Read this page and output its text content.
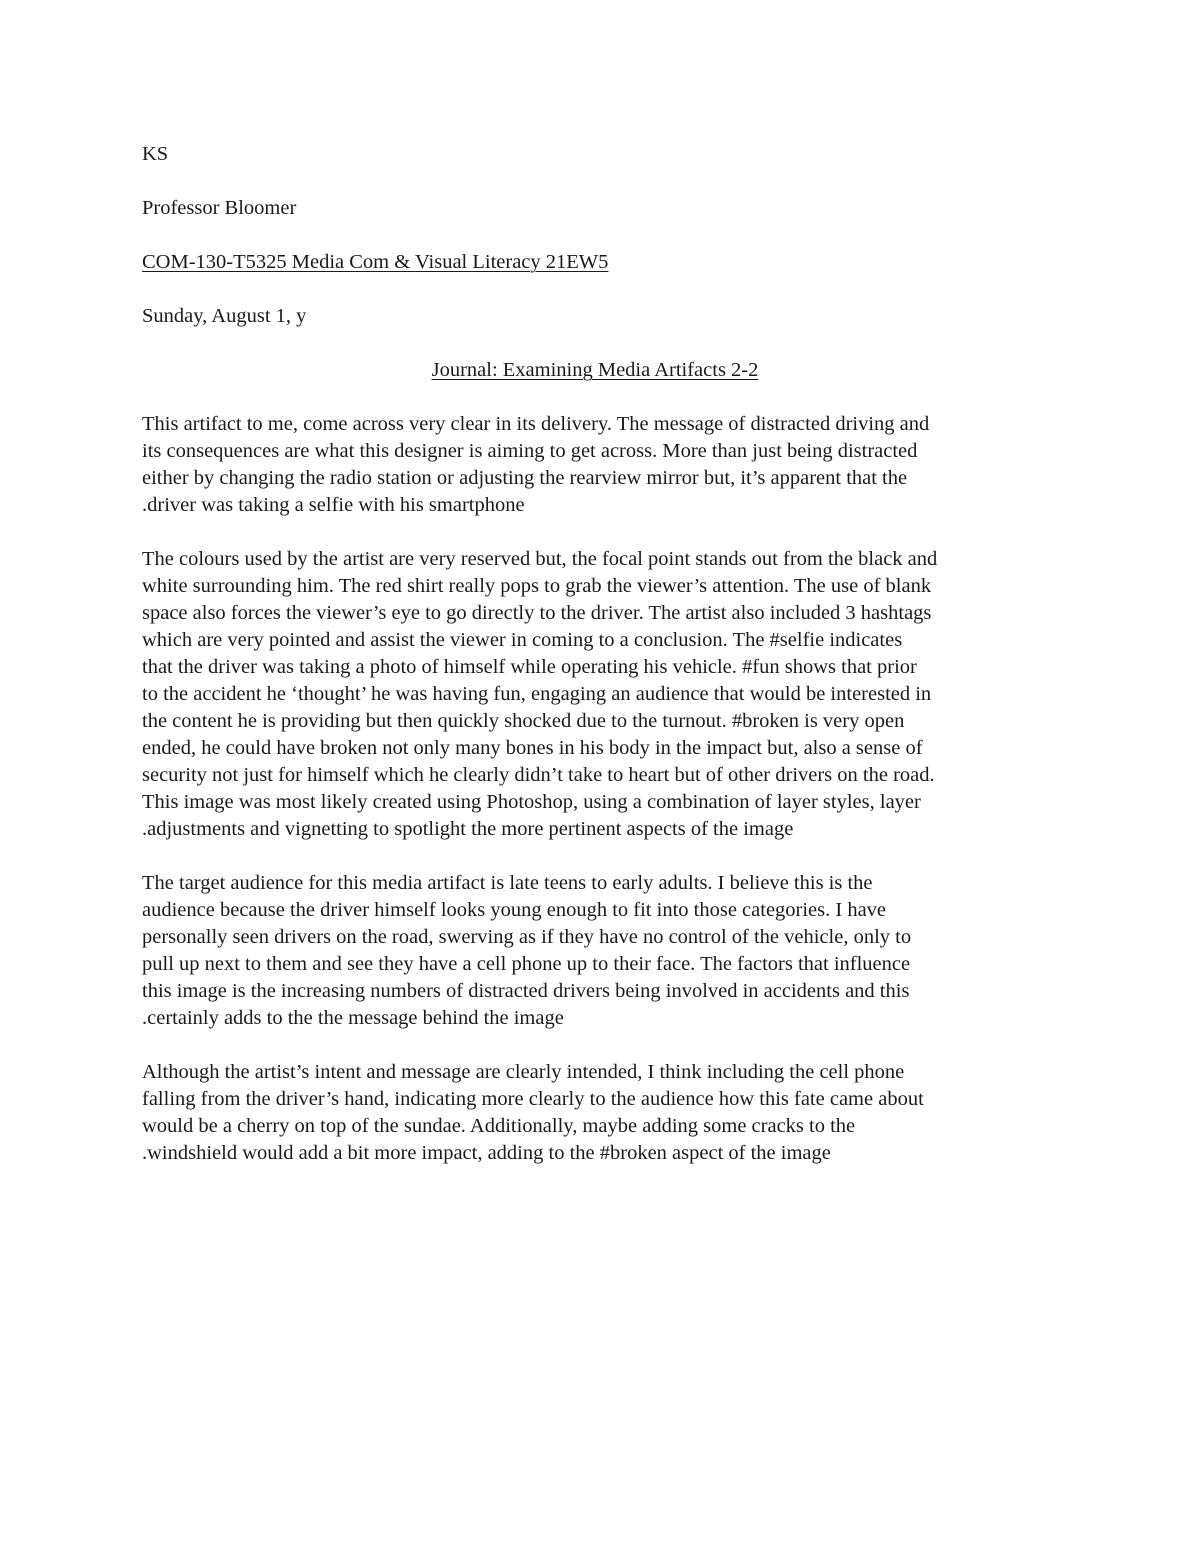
KS
Professor Bloomer
COM-130-T5325 Media Com & Visual Literacy 21EW5
Sunday, August 1, y
Journal: Examining Media Artifacts 2-2
This artifact to me, come across very clear in its delivery. The message of distracted driving and
its consequences are what this designer is aiming to get across. More than just being distracted
either by changing the radio station or adjusting the rearview mirror but, it’s apparent that the
.driver was taking a selfie with his smartphone
The colours used by the artist are very reserved but, the focal point stands out from the black and
white surrounding him. The red shirt really pops to grab the viewer’s attention. The use of blank
space also forces the viewer’s eye to go directly to the driver. The artist also included 3 hashtags
which are very pointed and assist the viewer in coming to a conclusion. The #selfie indicates
that the driver was taking a photo of himself while operating his vehicle. #fun shows that prior
to the accident he ‘thought’ he was having fun, engaging an audience that would be interested in
the content he is providing but then quickly shocked due to the turnout. #broken is very open
ended, he could have broken not only many bones in his body in the impact but, also a sense of
security not just for himself which he clearly didn’t take to heart but of other drivers on the road.
This image was most likely created using Photoshop, using a combination of layer styles, layer
.adjustments and vignetting to spotlight the more pertinent aspects of the image
The target audience for this media artifact is late teens to early adults. I believe this is the
audience because the driver himself looks young enough to fit into those categories. I have
personally seen drivers on the road, swerving as if they have no control of the vehicle, only to
pull up next to them and see they have a cell phone up to their face. The factors that influence
this image is the increasing numbers of distracted drivers being involved in accidents and this
.certainly adds to the the message behind the image
Although the artist’s intent and message are clearly intended, I think including the cell phone
falling from the driver’s hand, indicating more clearly to the audience how this fate came about
would be a cherry on top of the sundae. Additionally, maybe adding some cracks to the
.windshield would add a bit more impact, adding to the #broken aspect of the image
